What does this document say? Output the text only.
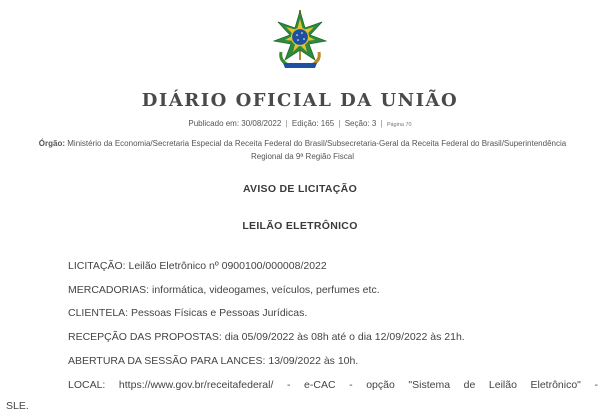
DIÁRIO OFICIAL DA UNIÃO
Publicado em: 30/08/2022 | Edição: 165 | Seção: 3 | Página 70
Órgão: Ministério da Economia/Secretaria Especial da Receita Federal do Brasil/Subsecretaria-Geral da Receita Federal do Brasil/Superintendência Regional da 9ª Região Fiscal
AVISO DE LICITAÇÃO
LEILÃO ELETRÔNICO
LICITAÇÃO: Leilão Eletrônico nº 0900100/000008/2022
MERCADORIAS: informática, videogames, veículos, perfumes etc.
CLIENTELA: Pessoas Físicas e Pessoas Jurídicas.
RECEPÇÃO DAS PROPOSTAS: dia 05/09/2022 às 08h até o dia 12/09/2022 às 21h.
ABERTURA DA SESSÃO PARA LANCES: 13/09/2022 às 10h.
LOCAL: https://www.gov.br/receitafederal/ - e-CAC - opção "Sistema de Leilão Eletrônico" -
SLE.
